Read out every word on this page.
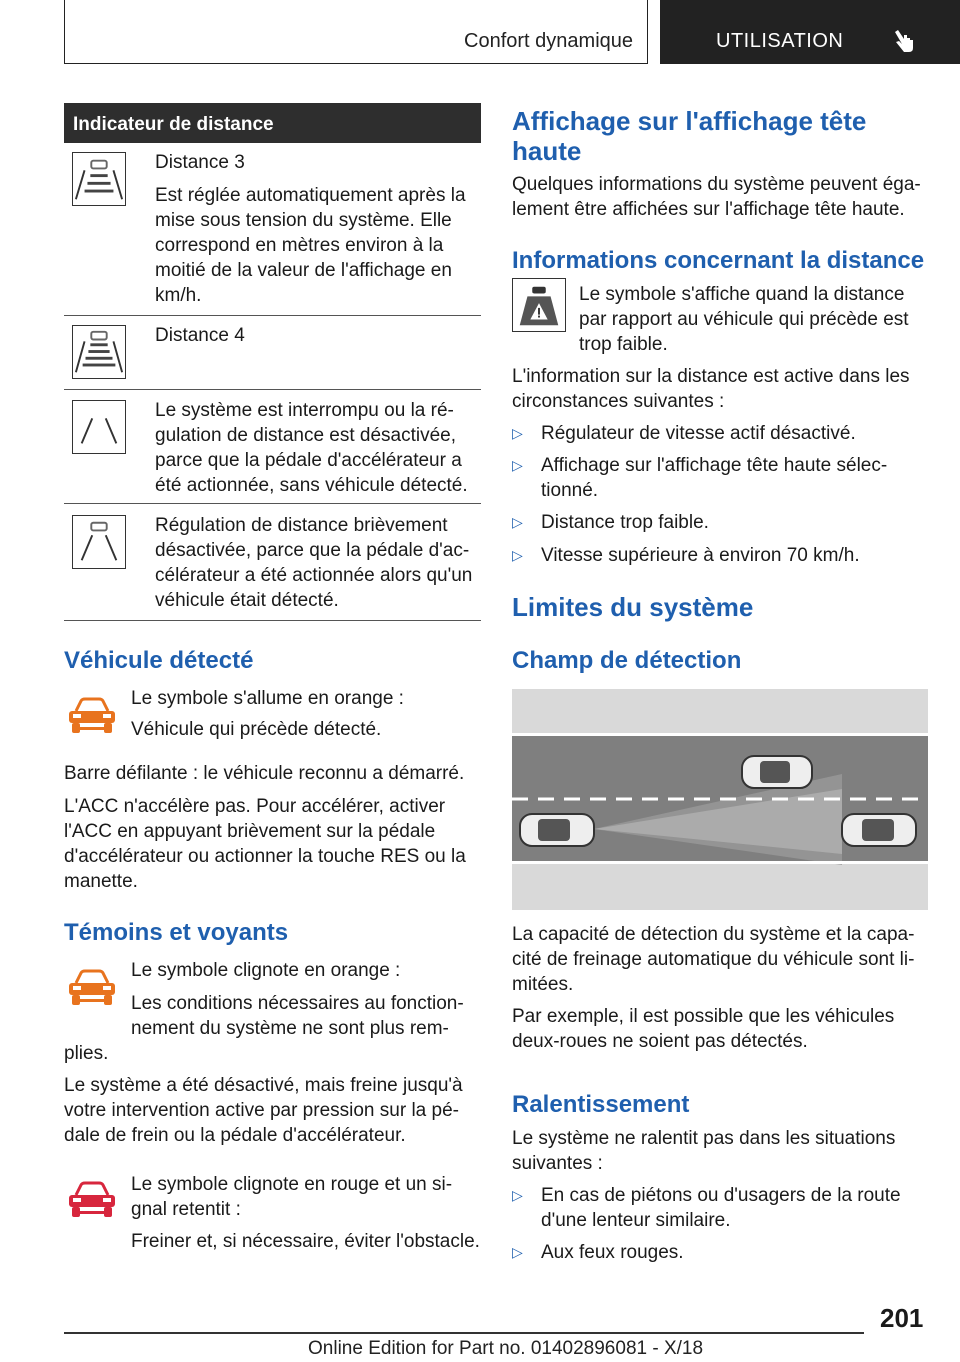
Confort dynamique	UTILISATION
Indicateur de distance

Distance 3

Est réglée automatiquement après la mise sous tension du système. Elle correspond en mètres environ à la moitié de la valeur de l'affichage en km/h.

Distance 4

Le système est interrompu ou la ré‐gulation de distance est désactivée, parce que la pédale d'accélérateur a été actionnée, sans véhicule détecté.

Régulation de distance brièvement désactivée, parce que la pédale d'ac‐célérateur a été actionnée alors qu'un véhicule était détecté.

Véhicule détecté
Le symbole s'allume en orange :
Véhicule qui précède détecté.
Barre défilante : le véhicule reconnu a démarré.
L'ACC n'accélère pas. Pour accélérer, activer l'ACC en appuyant brièvement sur la pédale d'accélérateur ou actionner la touche RES ou la manette.
Témoins et voyants
Le symbole clignote en orange :
Les conditions nécessaires au fonction‐
nement du système ne sont plus rem‐
plies.
Le système a été désactivé, mais freine jusqu'à votre intervention active par pression sur la pé‐dale de frein ou la pédale d'accélérateur.
Le symbole clignote en rouge et un si‐gnal retentit :
Freiner et, si nécessaire, éviter l'obstacle.
Affichage sur l'affichage tête haute
Quelques informations du système peuvent éga‐lement être affichées sur l'affichage tête haute.
Informations concernant la distance
Le symbole s'affiche quand la distance par rapport au véhicule qui précède est trop faible.
L'information sur la distance est active dans les circonstances suivantes :
▷ Régulateur de vitesse actif désactivé.
▷ Affichage sur l'affichage tête haute sélec‐tionné.
▷ Distance trop faible.
▷ Vitesse supérieure à environ 70 km/h.
Limites du système
Champ de détection
La capacité de détection du système et la capa‐cité de freinage automatique du véhicule sont li‐mitées.
Par exemple, il est possible que les véhicules deux-roues ne soient pas détectés.
Ralentissement
Le système ne ralentit pas dans les situations suivantes :
▷ En cas de piétons ou d'usagers de la route d'une lenteur similaire.
▷ Aux feux rouges.
201
Online Edition for Part no. 01402896081 - X/18
